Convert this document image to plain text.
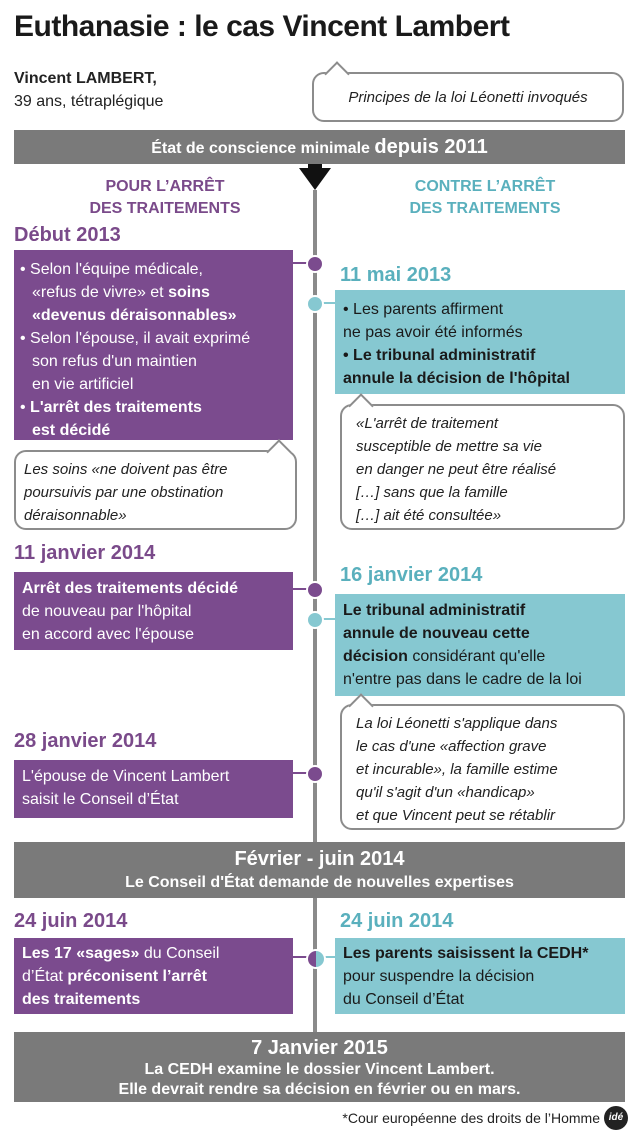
Euthanasie : le cas Vincent Lambert
Vincent LAMBERT,
39 ans, tétraplégique	Principes de la loi Léonetti invoqués
État de conscience minimale depuis 2011
POUR L’ARRÊT
DES TRAITEMENTS
CONTRE L’ARRÊT
DES TRAITEMENTS
Début 2013
• Selon l'équipe médicale,
«refus de vivre» et soins
«devenus déraisonnables»
• Selon l'épouse, il avait exprimé
son refus d'un maintien
en vie artificiel
• L'arrêt des traitements
est décidé
Les soins «ne doivent pas être
poursuivis par une obstination
déraisonnable»
11 mai 2013
• Les parents affirment
ne pas avoir été informés
• Le tribunal administratif
annule la décision de l'hôpital
«L'arrêt de traitement
susceptible de mettre sa vie
en danger ne peut être réalisé
[…] sans que la famille
[…] ait été consultée»
11 janvier 2014
Arrêt des traitements décidé
de nouveau par l'hôpital
en accord avec l'épouse
16 janvier 2014
Le tribunal administratif
annule de nouveau cette
décision considérant qu'elle
n'entre pas dans le cadre de la loi
La loi Léonetti s'applique dans
le cas d'une «affection grave
et incurable», la famille estime
qu'il s'agit d'un «handicap»
et que Vincent peut se rétablir
28 janvier 2014
L'épouse de Vincent Lambert
saisit le Conseil d’État
Février - juin 2014
Le Conseil d'État demande de nouvelles expertises
24 juin 2014
Les 17 «sages» du Conseil
d’État préconisent l’arrêt
des traitements
24 juin 2014
Les parents saisissent la CEDH*
pour suspendre la décision
du Conseil d’État
7 Janvier 2015
La CEDH examine le dossier Vincent Lambert.
Elle devrait rendre sa décision en février ou en mars.
*Cour européenne des droits de l’Homme idé
